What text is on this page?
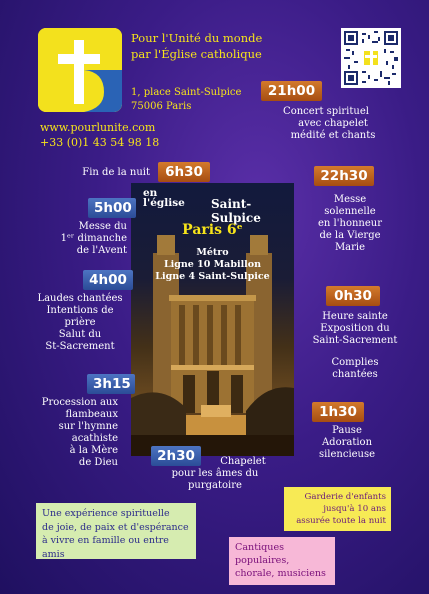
Pour l'Unité du monde
par l'Église catholique
1, place Saint-Sulpice
75006 Paris
www.pourlunite.com
+33 (0)1 43 54 98 18
21h00
Concert spirituel
avec chapelet
médité et chants
Fin de la nuit	6h30
en
l'église Saint-Sulpice
Paris 6ᵉ
Métro
Ligne 10 Mabillon
Ligne 4 Saint-Sulpice
22h30
Messe
solennelle
en l'honneur
de la Vierge
Marie
5h00
Messe du
1ᵉʳ dimanche
de l'Avent
4h00
Laudes chantées
Intentions de
prière
Salut du
St-Sacrement
0h30
Heure sainte
Exposition du
Saint-Sacrement
Complies
chantées
3h15
Procession aux
flambeaux
sur l'hymne
acathiste
à la Mère
de Dieu
1h30
Pause
Adoration
silencieuse
2h30	Chapelet
pour les âmes du purgatoire
Une expérience spirituelle
de joie, de paix et d'espérance
à vivre en famille ou entre amis
Garderie d'enfants
jusqu'à 10 ans
assurée toute la nuit
Cantiques populaires,
chorale, musiciens
